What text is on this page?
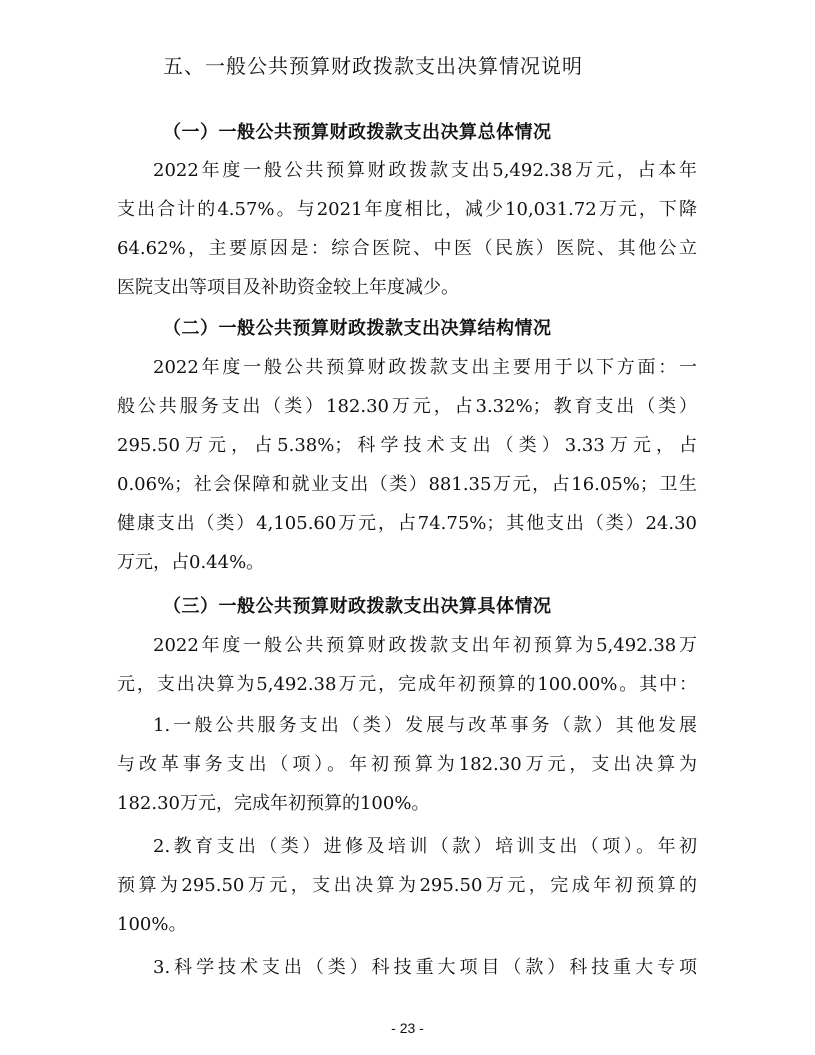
五、一般公共预算财政拨款支出决算情况说明
（一）一般公共预算财政拨款支出决算总体情况
2022年度一般公共预算财政拨款支出5,492.38万元，占本年
支出合计的4.57%。与2021年度相比，减少10,031.72万元，下降
64.62%，主要原因是：综合医院、中医（民族）医院、其他公立
医院支出等项目及补助资金较上年度减少。
（二）一般公共预算财政拨款支出决算结构情况
2022年度一般公共预算财政拨款支出主要用于以下方面：一
般公共服务支出（类）182.30万元，占3.32%；教育支出（类）
295.50万元，占5.38%；科学技术支出（类）3.33万元，占
0.06%；社会保障和就业支出（类）881.35万元，占16.05%；卫生
健康支出（类）4,105.60万元，占74.75%；其他支出（类）24.30
万元，占0.44%。
（三）一般公共预算财政拨款支出决算具体情况
2022年度一般公共预算财政拨款支出年初预算为5,492.38万
元，支出决算为5,492.38万元，完成年初预算的100.00%。其中：
1.一般公共服务支出（类）发展与改革事务（款）其他发展
与改革事务支出（项）。年初预算为182.30万元，支出决算为
182.30万元，完成年初预算的100%。
2.教育支出（类）进修及培训（款）培训支出（项）。年初
预算为295.50万元，支出决算为295.50万元，完成年初预算的
100%。
3.科学技术支出（类）科技重大项目（款）科技重大专项
- 23 -
